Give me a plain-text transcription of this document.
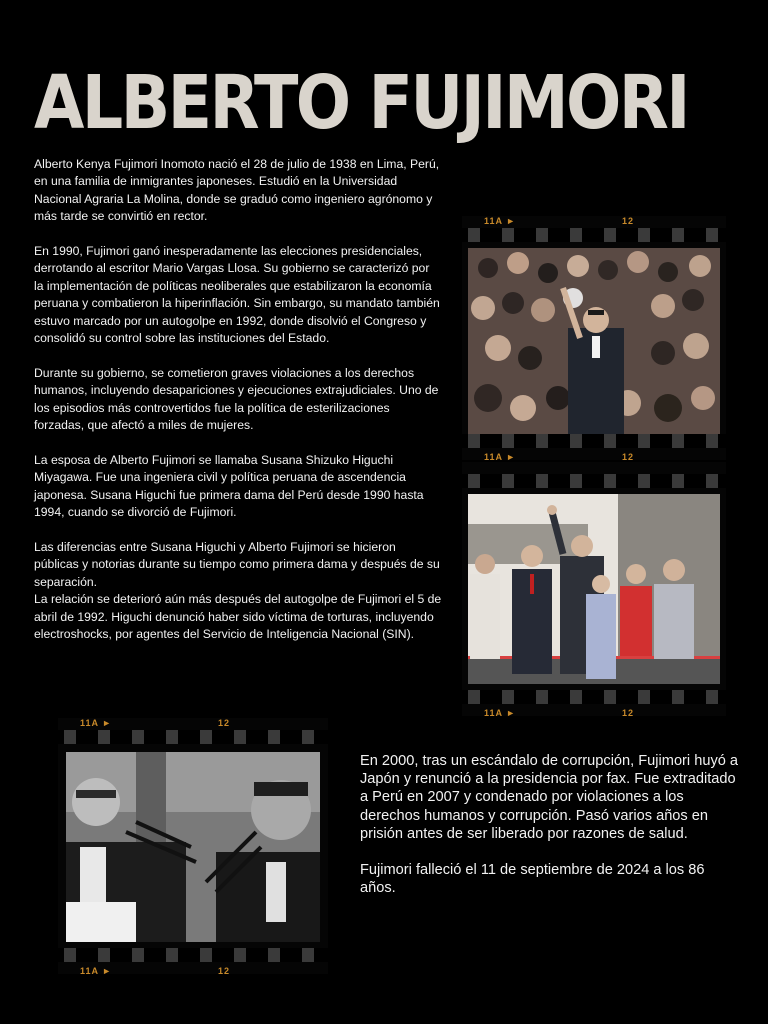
ALBERTO FUJIMORI

Alberto Kenya Fujimori Inomoto nació el 28 de julio de 1938 en Lima, Perú, en una familia de inmigrantes japoneses. Estudió en la Universidad Nacional Agraria La Molina, donde se graduó como ingeniero agrónomo y más tarde se convirtió en rector.

En 1990, Fujimori ganó inesperadamente las elecciones presidenciales, derrotando al escritor Mario Vargas Llosa. Su gobierno se caracterizó por la implementación de políticas neoliberales que estabilizaron la economía peruana y combatieron la hiperinflación. Sin embargo, su mandato también estuvo marcado por un autogolpe en 1992, donde disolvió el Congreso y consolidó su control sobre las instituciones del Estado.

Durante su gobierno, se cometieron graves violaciones a los derechos humanos, incluyendo desapariciones y ejecuciones extrajudiciales. Uno de los episodios más controvertidos fue la política de esterilizaciones forzadas, que afectó a miles de mujeres.

La esposa de Alberto Fujimori se llamaba Susana Shizuko Higuchi Miyagawa. Fue una ingeniera civil y política peruana de ascendencia japonesa. Susana Higuchi fue primera dama del Perú desde 1990 hasta 1994, cuando se divorció de Fujimori.

Las diferencias entre Susana Higuchi y Alberto Fujimori se hicieron públicas y notorias durante su tiempo como primera dama y después de su separación.

La relación se deterioró aún más después del autogolpe de Fujimori el 5 de abril de 1992. Higuchi denunció haber sido víctima de torturas, incluyendo electroshocks, por agentes del Servicio de Inteligencia Nacional (SIN).

11A ►	12
11A ►	12
11A ►	12
11A ►	12
11A ►	12

En 2000, tras un escándalo de corrupción, Fujimori huyó a Japón y renunció a la presidencia por fax. Fue extraditado a Perú en 2007 y condenado por violaciones a los derechos humanos y corrupción. Pasó varios años en prisión antes de ser liberado por razones de salud.

Fujimori falleció el 11 de septiembre de 2024 a los 86 años.
